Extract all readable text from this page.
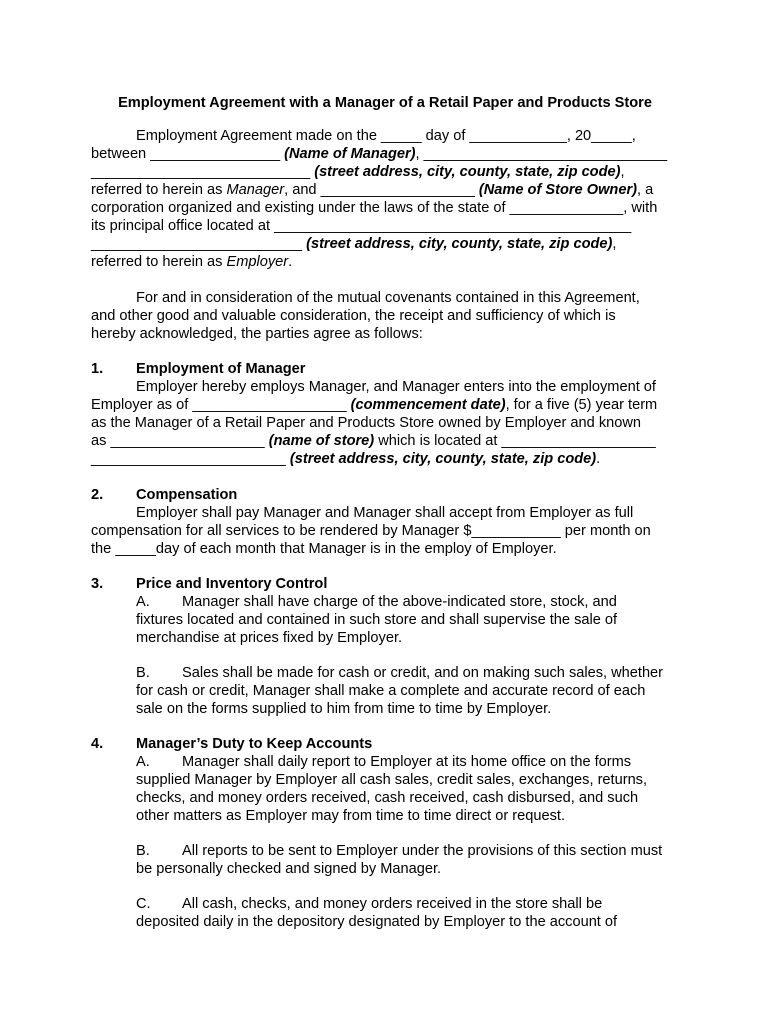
Employment Agreement with a Manager of a Retail Paper and Products Store
Employment Agreement made on the _____ day of ____________, 20_____,
between ________________ (Name of Manager), ______________________________
___________________________ (street address, city, county, state, zip code),
referred to herein as Manager, and ___________________ (Name of Store Owner), a
corporation organized and existing under the laws of the state of ______________, with
its principal office located at ____________________________________________
__________________________ (street address, city, county, state, zip code),
referred to herein as Employer.
For and in consideration of the mutual covenants contained in this Agreement,
and other good and valuable consideration, the receipt and sufficiency of which is
hereby acknowledged, the parties agree as follows:
1. Employment of Manager
Employer hereby employs Manager, and Manager enters into the employment of
Employer as of ___________________ (commencement date), for a five (5) year term
as the Manager of a Retail Paper and Products Store owned by Employer and known
as ___________________ (name of store) which is located at ___________________
________________________ (street address, city, county, state, zip code).
2. Compensation
Employer shall pay Manager and Manager shall accept from Employer as full
compensation for all services to be rendered by Manager $___________ per month on
the _____day of each month that Manager is in the employ of Employer.
3. Price and Inventory Control
A. Manager shall have charge of the above-indicated store, stock, and
fixtures located and contained in such store and shall supervise the sale of
merchandise at prices fixed by Employer.
B. Sales shall be made for cash or credit, and on making such sales, whether
for cash or credit, Manager shall make a complete and accurate record of each
sale on the forms supplied to him from time to time by Employer.
4. Manager’s Duty to Keep Accounts
A. Manager shall daily report to Employer at its home office on the forms
supplied Manager by Employer all cash sales, credit sales, exchanges, returns,
checks, and money orders received, cash received, cash disbursed, and such
other matters as Employer may from time to time direct or request.
B. All reports to be sent to Employer under the provisions of this section must
be personally checked and signed by Manager.
C. All cash, checks, and money orders received in the store shall be
deposited daily in the depository designated by Employer to the account of
